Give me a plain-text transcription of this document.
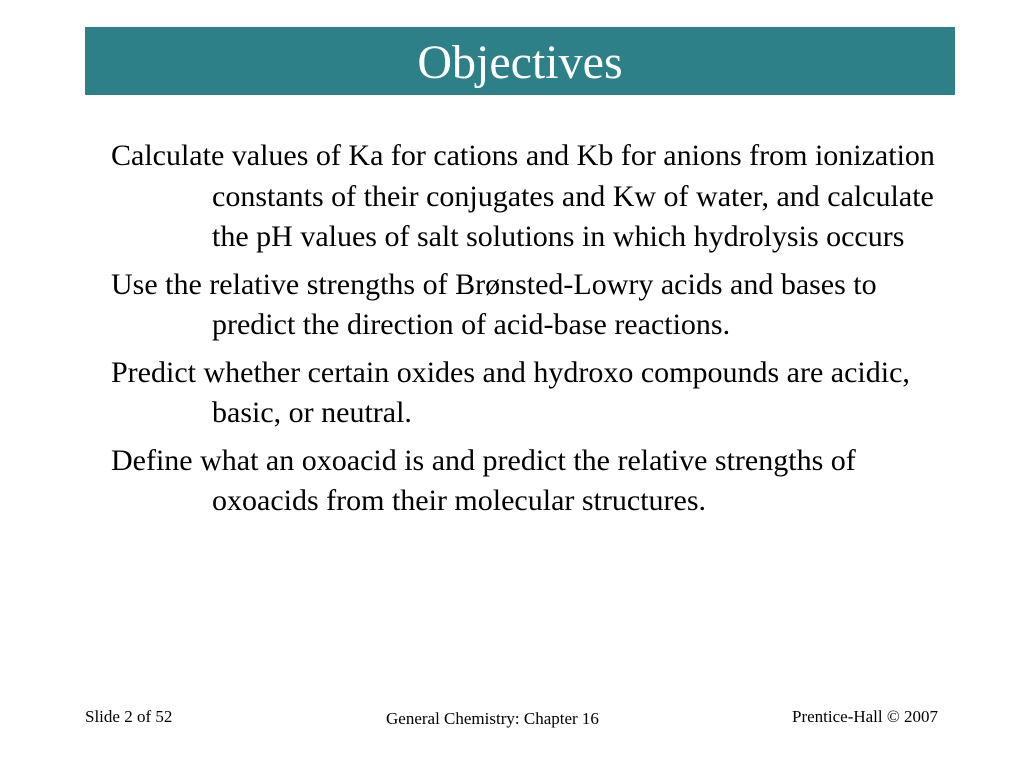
Objectives
Calculate values of Ka for cations and Kb for anions from ionization constants of their conjugates and Kw of water, and calculate the pH values of salt solutions in which hydrolysis occurs
Use the relative strengths of Brønsted-Lowry acids and bases to predict the direction of acid-base reactions.
Predict whether certain oxides and hydroxo compounds are acidic, basic, or neutral.
Define what an oxoacid is and predict the relative strengths of oxoacids from their molecular structures.
Slide 2 of 52	General Chemistry: Chapter 16	Prentice-Hall © 2007
